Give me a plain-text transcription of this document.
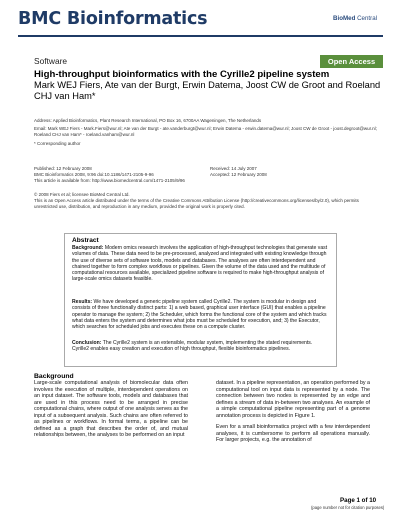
BMC Bioinformatics	BioMed Central
Software	Open Access
High-throughput bioinformatics with the Cyrille2 pipeline system
Mark WEJ Fiers, Ate van der Burgt, Erwin Datema, Joost CW de Groot and Roeland CHJ van Ham*
Address: Applied Bioinformatics, Plant Research International, PO Box 16, 6700AA Wageningen, The Netherlands
Email: Mark WEJ Fiers - Mark.Fiers@wur.nl; Ate van der Burgt - ate.vanderburgt@wur.nl; Erwin Datema - erwin.datema@wur.nl; Joost CW de Groot - joost.degroot@wur.nl; Roeland CHJ van Ham* - roeland.vanham@wur.nl
* Corresponding author
Published: 12 February 2008	Received: 14 July 2007
BMC Bioinformatics 2008, 9:96 doi:10.1186/1471-2105-9-96	Accepted: 12 February 2008
This article is available from: http://www.biomedcentral.com/1471-2105/9/96
© 2008 Fiers et al; licensee BioMed Central Ltd.
This is an Open Access article distributed under the terms of the Creative Commons Attribution License (http://creativecommons.org/licenses/by/2.0), which permits unrestricted use, distribution, and reproduction in any medium, provided the original work is properly cited.
Abstract
Background: Modern omics research involves the application of high-throughput technologies that generate vast volumes of data. These data need to be pre-processed, analyzed and integrated with existing knowledge through the use of diverse sets of software tools, models and databases. The analyses are often interdependent and chained together to form complex workflows or pipelines. Given the volume of the data used and the multitude of computational resources available, specialized pipeline software is required to make high-throughput analysis of large-scale omics datasets feasible.
Results: We have developed a generic pipeline system called Cyrille2. The system is modular in design and consists of three functionally distinct parts: 1) a web based, graphical user interface (GUI) that enables a pipeline operator to manage the system; 2) the Scheduler, which forms the functional core of the system and which tracks what data enters the system and determines what jobs must be scheduled for execution, and; 3) the Executor, which searches for scheduled jobs and executes these on a compute cluster.
Conclusion: The Cyrille2 system is an extensible, modular system, implementing the stated requirements. Cyrille2 enables easy creation and execution of high throughput, flexible bioinformatics pipelines.
Background
Large-scale computational analysis of biomolecular data often involves the execution of multiple, interdependent operations on an input dataset. The software tools, models and databases that are used in this process need to be arranged in precise computational chains, where output of one analysis serves as the input of a subsequent analysis. Such chains are often referred to as pipelines or workflows. In formal terms, a pipeline can be defined as a graph that describes the order of, and mutual relationships between, the analyses to be performed on an input
dataset. In a pipeline representation, an operation performed by a computational tool on input data is represented by a node. The connection between two nodes is represented by an edge and defines a stream of data in-between two analyses. An example of a simple computational pipeline representing part of a genome annotation process is depicted in Figure 1.
Even for a small bioinformatics project with a few interdependent analyses, it is cumbersome to perform all operations manually. For larger projects, e.g. the annotation of
Page 1 of 10
(page number not for citation purposes)
